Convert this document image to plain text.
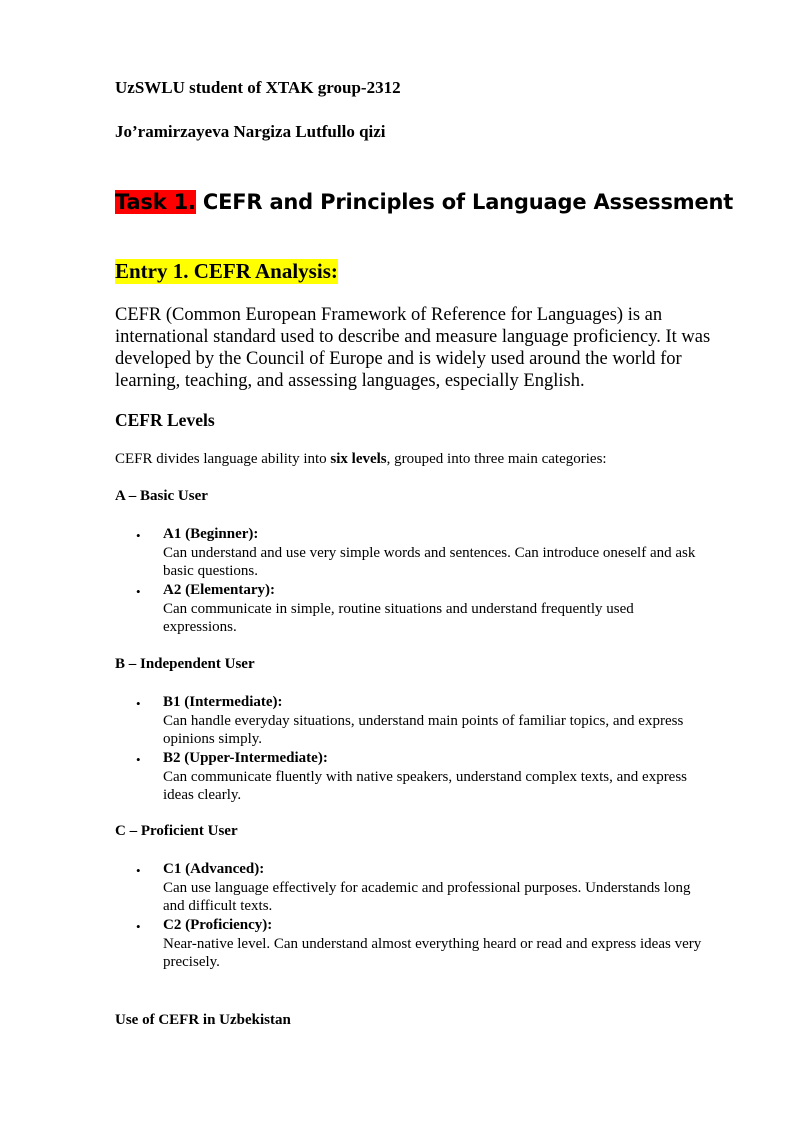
UzSWLU student of XTAK group-2312
Jo’ramirzayeva Nargiza Lutfullo qizi
Task 1. CEFR and Principles of Language Assessment
Entry 1. CEFR Analysis:
CEFR (Common European Framework of Reference for Languages) is an
international standard used to describe and measure language proficiency. It was
developed by the Council of Europe and is widely used around the world for
learning, teaching, and assessing languages, especially English.
CEFR Levels
CEFR divides language ability into six levels, grouped into three main categories:
A – Basic User
• A1 (Beginner):
Can understand and use very simple words and sentences. Can introduce oneself and ask
basic questions.
• A2 (Elementary):
Can communicate in simple, routine situations and understand frequently used
expressions.
B – Independent User
• B1 (Intermediate):
Can handle everyday situations, understand main points of familiar topics, and express
opinions simply.
• B2 (Upper-Intermediate):
Can communicate fluently with native speakers, understand complex texts, and express
ideas clearly.
C – Proficient User
• C1 (Advanced):
Can use language effectively for academic and professional purposes. Understands long
and difficult texts.
• C2 (Proficiency):
Near-native level. Can understand almost everything heard or read and express ideas very
precisely.
Use of CEFR in Uzbekistan
